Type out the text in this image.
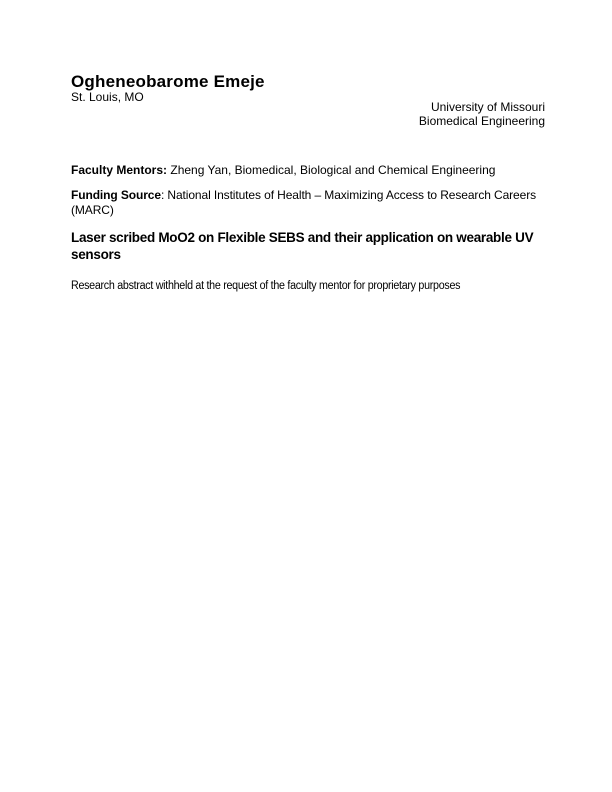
Ogheneobarome Emeje
St. Louis, MO
University of Missouri
Biomedical Engineering
Faculty Mentors: Zheng Yan, Biomedical, Biological and Chemical Engineering
Funding Source: National Institutes of Health – Maximizing Access to Research Careers
(MARC)
Laser scribed MoO2 on Flexible SEBS and their application on wearable UV
sensors
Research abstract withheld at the request of the faculty mentor for proprietary purposes
